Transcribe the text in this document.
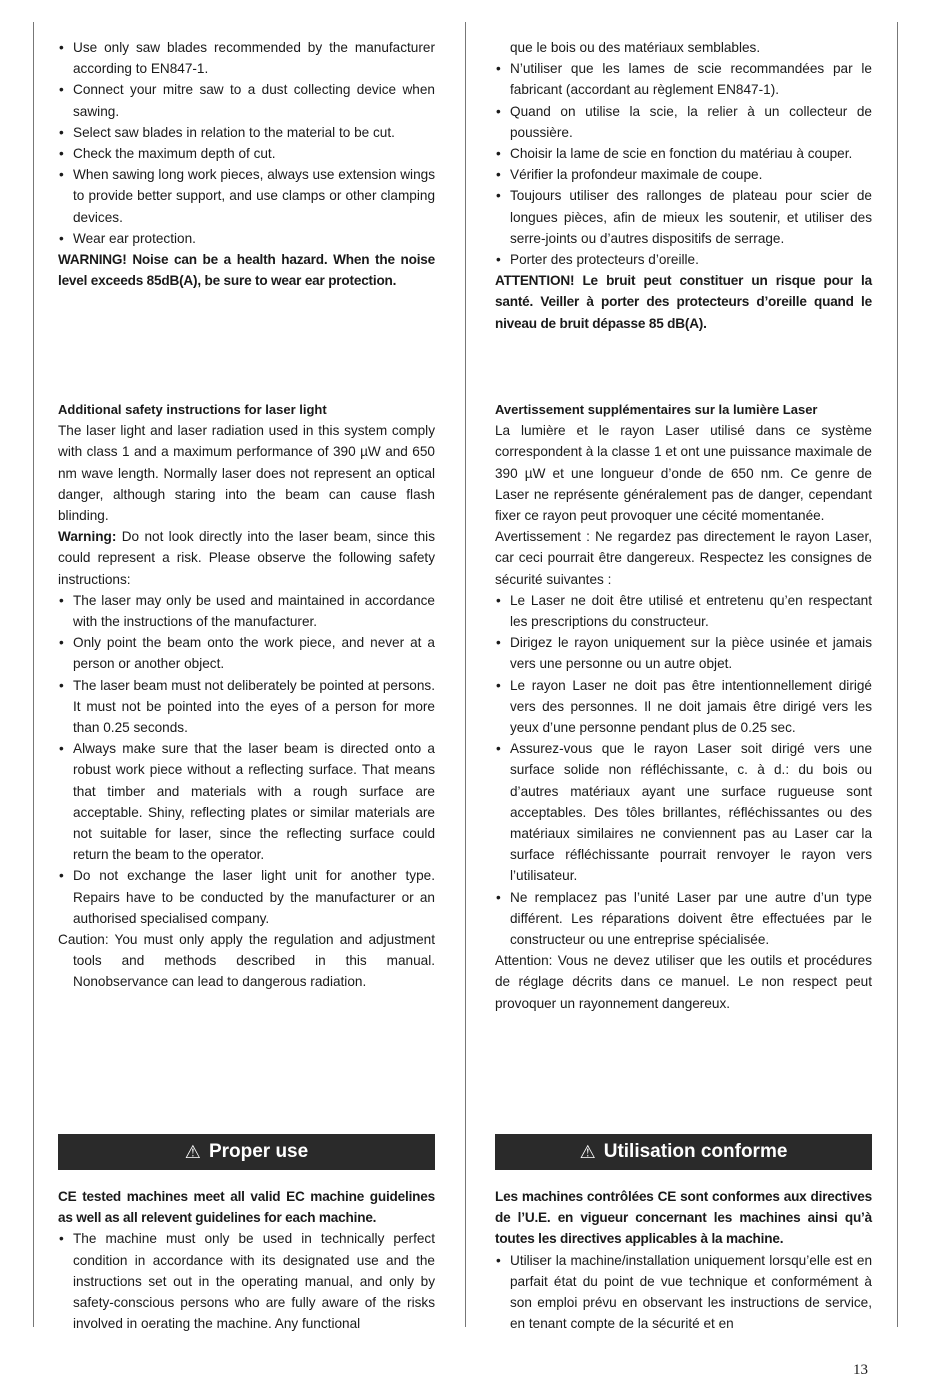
• Use only saw blades recommended by the manufacturer according to EN847-1.
• Connect your mitre saw to a dust collecting device when sawing.
• Select saw blades in relation to the material to be cut.
• Check the maximum depth of cut.
• When sawing long work pieces, always use extension wings to provide better support, and use clamps or other clamping devices.
• Wear ear protection.

WARNING! Noise can be a health hazard. When the noise level exceeds 85dB(A), be sure to wear ear protection.

que le bois ou des matériaux semblables.

• N’utiliser que les lames de scie recommandées par le fabricant (accordant au règlement EN847-1).
• Quand on utilise la scie, la relier à un collecteur de poussière.
• Choisir la lame de scie en fonction du matériau à couper.
• Vérifier la profondeur maximale de coupe.
• Toujours utiliser des rallonges de plateau pour scier de longues pièces, afin de mieux les soutenir, et utiliser des serre-joints ou d’autres dispositifs de serrage.
• Porter des protecteurs d’oreille.

ATTENTION! Le bruit peut constituer un risque pour la santé. Veiller à porter des protecteurs d’oreille quand le niveau de bruit dépasse 85 dB(A).

Additional safety instructions for laser light

The laser light and laser radiation used in this system comply with class 1 and a maximum performance of 390 µW and 650 nm wave length. Normally laser does not represent an optical danger, although staring into the beam can cause flash blinding.

Warning: Do not look directly into the laser beam, since this could represent a risk. Please observe the following safety instructions:

• The laser may only be used and maintained in accordance with the instructions of the manufacturer.
• Only point the beam onto the work piece, and never at a person or another object.
• The laser beam must not deliberately be pointed at persons. It must not be pointed into the eyes of a person for more than 0.25 seconds.
• Always make sure that the laser beam is directed onto a robust work piece without a reflecting surface. That means that timber and materials with a rough surface are acceptable. Shiny, reflecting plates or similar materials are not suitable for laser, since the reflecting surface could return the beam to the operator.
• Do not exchange the laser light unit for another type. Repairs have to be conducted by the manufacturer or an authorised specialised company.

Caution: You must only apply the regulation and adjustment tools and methods described in this manual. Nonobservance can lead to dangerous radiation.

Avertissement supplémentaires sur la lumière Laser

La lumière et le rayon Laser utilisé dans ce système correspondent à la classe 1 et ont une puissance maximale de 390 µW et une longueur d’onde de 650 nm. Ce genre de Laser ne représente généralement pas de danger, cependant fixer ce rayon peut provoquer une cécité momentanée.

Avertissement : Ne regardez pas directement le rayon Laser, car ceci pourrait être dangereux. Respectez les consignes de sécurité suivantes :

• Le Laser ne doit être utilisé et entretenu qu’en respectant les prescriptions du constructeur.
• Dirigez le rayon uniquement sur la pièce usinée et jamais vers une personne ou un autre objet.
• Le rayon Laser ne doit pas être intentionnellement dirigé vers des personnes. Il ne doit jamais être dirigé vers les yeux d’une personne pendant plus de 0.25 sec.
• Assurez-vous que le rayon Laser soit dirigé vers une surface solide non réfléchissante, c. à d.: du bois ou d’autres matériaux ayant une surface rugueuse sont acceptables. Des tôles brillantes, réfléchissantes ou des matériaux similaires ne conviennent pas au Laser car la surface réfléchissante pourrait renvoyer le rayon vers l’utilisateur.
• Ne remplacez pas l’unité Laser par une autre d’un type différent. Les réparations doivent être effectuées par le constructeur ou une entreprise spécialisée.

Attention: Vous ne devez utiliser que les outils et procédures de réglage décrits dans ce manuel. Le non respect peut provoquer un rayonnement dangereux.

⚠ Proper use	⚠ Utilisation conforme

CE tested machines meet all valid EC machine guidelines as well as all relevent guidelines for each machine.

• The machine must only be used in technically perfect condition in accordance with its designated use and the instructions set out in the operating manual, and only by safety-conscious persons who are fully aware of the risks involved in oerating the machine. Any functional

Les machines contrôlées CE sont conformes aux directives de l’U.E. en vigueur concernant les machines ainsi qu’à toutes les directives applicables à la machine.

• Utiliser la machine/installation uniquement lorsqu’elle est en parfait état du point de vue technique et conformément à son emploi prévu en observant les instructions de service, en tenant compte de la sécurité et en
13
